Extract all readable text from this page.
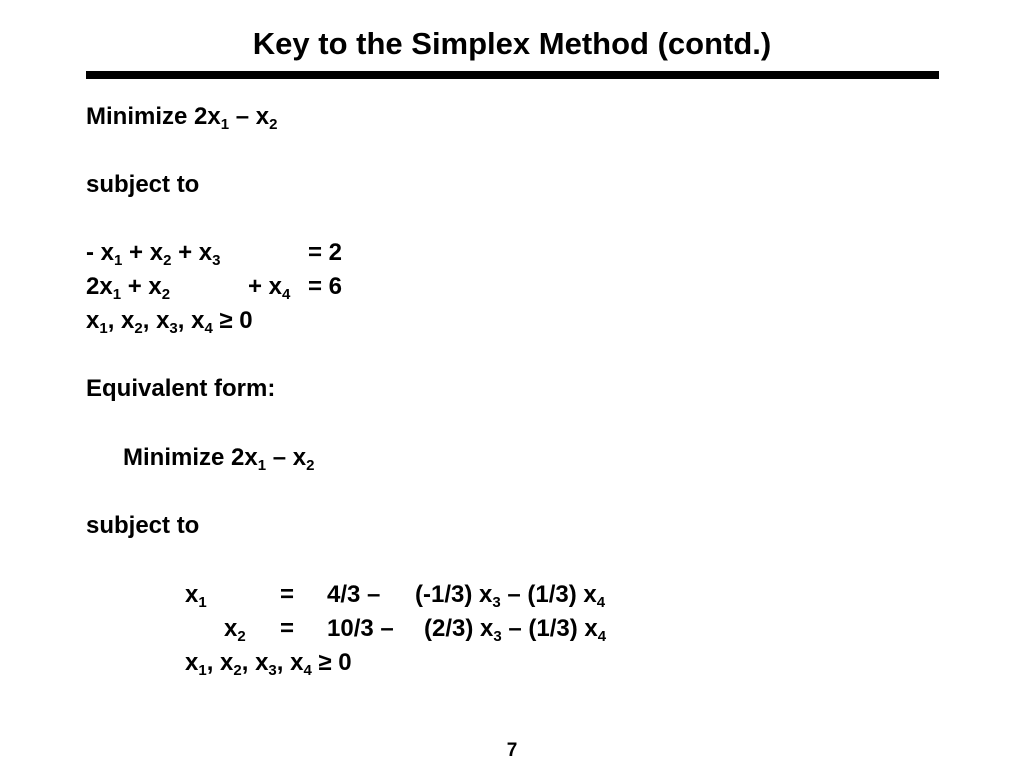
Key to the Simplex Method (contd.)
Minimize $2x_1 - x_2$
subject to
- $x_1 + x_2 + x_3$	= 2
$2x_1 + x_2$	+ $x_4 = 6$
$x_1$, $x_2$, $x_3$, $x_4 \ge 0$
Equivalent form:
Minimize $2x_1 - x_2$
subject to
$x_1$	= 4/3 – (-1/3) $x_3 - (1/3)$ $x_4$
$x_2 = 10/3 - (2/3)$ $x_3 - (1/3)$ $x_4$
$x_1$, $x_2$, $x_3$, $x_4 \ge 0$
7
